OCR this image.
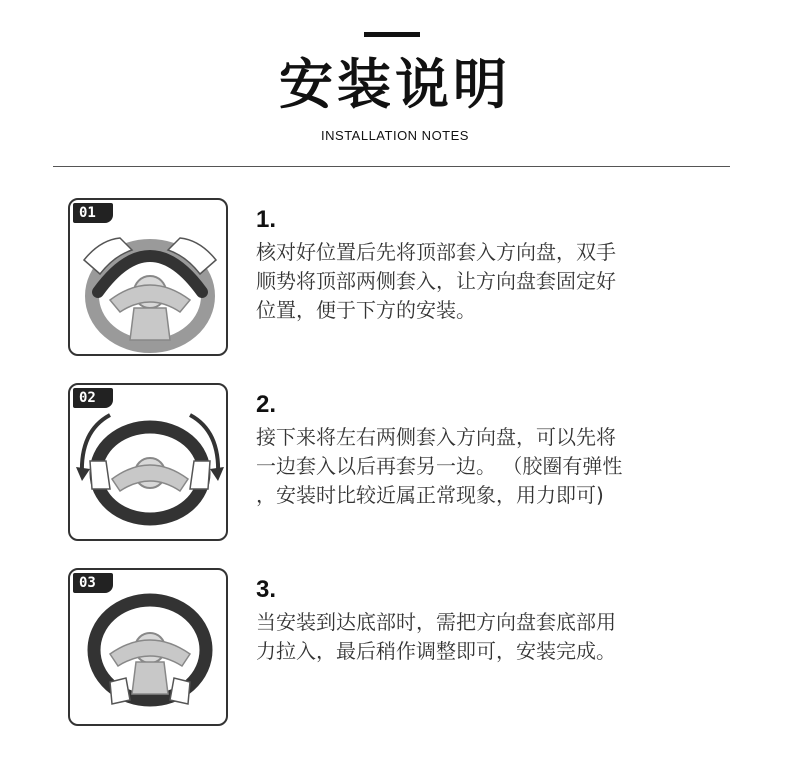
安装说明
INSTALLATION NOTES
01	1.
核对好位置后先将顶部套入方向盘，双手
顺势将顶部两侧套入，让方向盘套固定好
位置，便于下方的安装。
02	2.
接下来将左右两侧套入方向盘，可以先将
一边套入以后再套另一边。 （胶圈有弹性
，安装时比较近属正常现象，用力即可)
03	3.
当安装到达底部时，需把方向盘套底部用
力拉入，最后稍作调整即可，安装完成。
